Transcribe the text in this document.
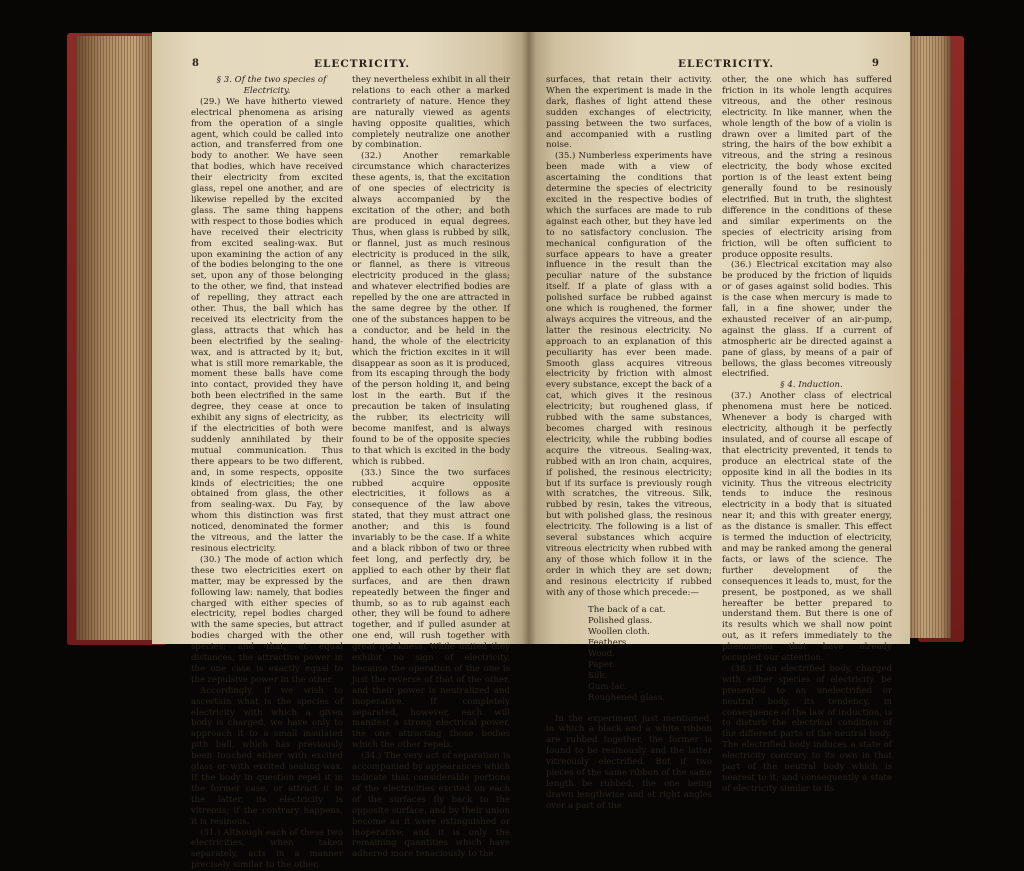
8	ELECTRICITY.

§ 3. Of the two species of Electricity.

(29.) We have hitherto viewed electrical phenomena as arising from the operation of a single agent, which could be called into action, and transferred from one body to another. We have seen that bodies, which have received their electricity from excited glass, repel one another, and are likewise repelled by the excited glass. The same thing happens with respect to those bodies which have received their electricity from excited sealing-wax. But upon examining the action of any of the bodies belonging to the one set, upon any of those belonging to the other, we find, that instead of repelling, they attract each other. Thus, the ball which has received its electricity from the glass, attracts that which has been electrified by the sealing-wax, and is attracted by it; but, what is still more remarkable, the moment these balls have come into contact, provided they have both been electrified in the same degree, they cease at once to exhibit any signs of electricity, as if the electricities of both were suddenly annihilated by their mutual communication. Thus there appears to be two different, and, in some respects, opposite kinds of electricities; the one obtained from glass, the other from sealing-wax. Du Fay, by whom this distinction was first noticed, denominated the former the vitreous, and the latter the resinous electricity.

(30.) The mode of action which these two electricities exert on matter, may be expressed by the following law: namely, that bodies charged with either species of electricity, repel bodies charged with the same species, but attract bodies charged with the other species; and that, at equal distances, the attractive power in the one case is exactly equal to the repulsive power in the other.

Accordingly, if we wish to ascertain what is the species of electricity with which a given body is charged, we have only to approach it to a small insulated pith ball, which has previously been touched either with excited glass or with excited sealing-wax. If the body in question repel it in the former case, or attract it in the latter, its electricity is vitreous; if the contrary happens, it is resinous.

(31.) Although each of these two electricities, when taken separately, acts in a manner precisely similar to the other,

they nevertheless exhibit in all their relations to each other a marked contrariety of nature. Hence they are naturally viewed as agents having opposite qualities, which completely neutralize one another by combination.

(32.) Another remarkable circumstance which characterizes these agents, is, that the excitation of one species of electricity is always accompanied by the excitation of the other; and both are produced in equal degrees. Thus, when glass is rubbed by silk, or flannel, just as much resinous electricity is produced in the silk, or flannel, as there is vitreous electricity produced in the glass; and whatever electrified bodies are repelled by the one are attracted in the same degree by the other. If one of the substances happen to be a conductor, and be held in the hand, the whole of the electricity which the friction excites in it will disappear as soon as it is produced, from its escaping through the body of the person holding it, and being lost in the earth. But if the precaution be taken of insulating the rubber, its electricity will become manifest, and is always found to be of the opposite species to that which is excited in the body which is rubbed.

(33.) Since the two surfaces rubbed acquire opposite electricities, it follows as a consequence of the law above stated, that they must attract one another; and this is found invariably to be the case. If a white and a black ribbon of two or three feet long, and perfectly dry, be applied to each other by their flat surfaces, and are then drawn repeatedly between the finger and thumb, so as to rub against each other, they will be found to adhere together, and if pulled asunder at one end, will rush together with great quickness. While united they exhibit no sign of electricity, because the operation of the one is just the reverse of that of the other, and their power is neutralized and inoperative. If completely separated, however, each will manifest a strong electrical power, the one attracting those bodies which the other repels.

(34.) The very act of separation is accompanied by appearances which indicate that considerable portions of the electricities excited on each of the surfaces fly back to the opposite surface, and by their union become as it were extinguished or inoperative; and it is only the remaining quantities which have adhered more tenaciously to the

ELECTRICITY.	9

surfaces, that retain their activity. When the experiment is made in the dark, flashes of light attend these sudden exchanges of electricity, passing between the two surfaces, and accompanied with a rustling noise.

(35.) Numberless experiments have been made with a view of ascertaining the conditions that determine the species of electricity excited in the respective bodies of which the surfaces are made to rub against each other, but they have led to no satisfactory conclusion. The mechanical configuration of the surface appears to have a greater influence in the result than the peculiar nature of the substance itself. If a plate of glass with a polished surface be rubbed against one which is roughened, the former always acquires the vitreous, and the latter the resinous electricity. No approach to an explanation of this peculiarity has ever been made. Smooth glass acquires vitreous electricity by friction with almost every substance, except the back of a cat, which gives it the resinous electricity; but roughened glass, if rubbed with the same substances, becomes charged with resinous electricity, while the rubbing bodies acquire the vitreous. Sealing-wax, rubbed with an iron chain, acquires, if polished, the resinous electricity; but if its surface is previously rough with scratches, the vitreous. Silk, rubbed by resin, takes the vitreous, but with polished glass, the resinous electricity. The following is a list of several substances which acquire vitreous electricity when rubbed with any of those which follow it in the order in which they are set down; and resinous electricity if rubbed with any of those which precede:—

The back of a cat.
Polished glass.
Woollen cloth.
Feathers.
Wood.
Paper.
Silk.
Gum-lac.
Roughened glass.

In the experiment just mentioned, in which a black and a white ribbon are rubbed together, the former is found to be resinously and the latter vitreously electrified. But if two pieces of the same ribbon of the same length be rubbed, the one being drawn lengthwise and at right angles over a part of the

other, the one which has suffered friction in its whole length acquires vitreous, and the other resinous electricity. In like manner, when the whole length of the bow of a violin is drawn over a limited part of the string, the hairs of the bow exhibit a vitreous, and the string a resinous electricity, the body whose excited portion is of the least extent being generally found to be resinously electrified. But in truth, the slightest difference in the conditions of these and similar experiments on the species of electricity arising from friction, will be often sufficient to produce opposite results.

(36.) Electrical excitation may also be produced by the friction of liquids or of gases against solid bodies. This is the case when mercury is made to fall, in a fine shower, under the exhausted receiver of an air-pump, against the glass. If a current of atmospheric air be directed against a pane of glass, by means of a pair of bellows, the glass becomes vitreously electrified.

§ 4. Induction.

(37.) Another class of electrical phenomena must here be noticed. Whenever a body is charged with electricity, although it be perfectly insulated, and of course all escape of that electricity prevented, it tends to produce an electrical state of the opposite kind in all the bodies in its vicinity. Thus the vitreous electricity tends to induce the resinous electricity in a body that is situated near it; and this with greater energy, as the distance is smaller. This effect is termed the induction of electricity, and may be ranked among the general facts, or laws of the science. The further development of the consequences it leads to, must, for the present, be postponed, as we shall hereafter be better prepared to understand them. But there is one of its results which we shall now point out, as it refers immediately to the phenomena that have already occupied our attention.

(38.) If an electrified body, charged with either species of electricity, be presented to an unelectrified or neutral body, its tendency, in consequence of the law of induction, is to disturb the electrical condition of the different parts of the neutral body. The electrified body induces a state of electricity contrary to its own in that part of the neutral body which is nearest to it; and consequently a state of electricity similar to its
